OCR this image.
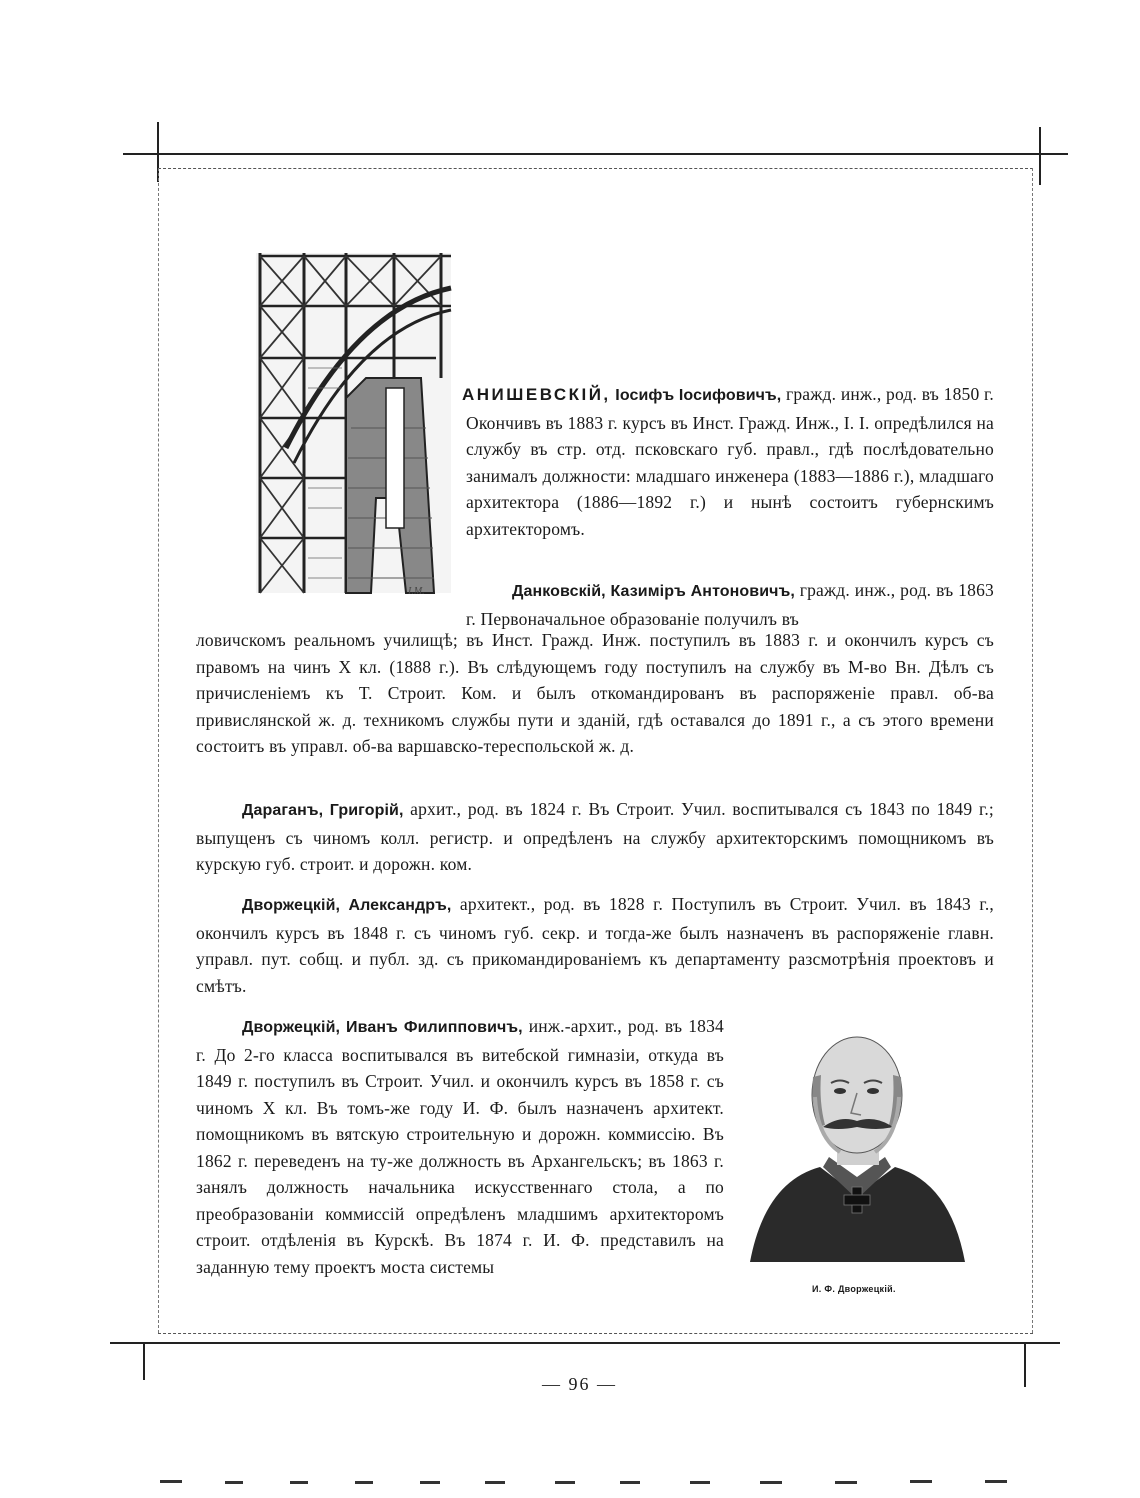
I.M.
АНИШЕВСКІЙ, Іосифъ Іосифовичъ, гражд. инж., род. въ 1850 г. Окончивъ въ 1883 г. курсъ въ Инст. Гражд. Инж., І. І. опредѣлился на службу въ стр. отд. псковскаго губ. правл., гдѣ послѣдовательно занималъ должности: младшаго инженера (1883—1886 г.), младшаго архитектора (1886—1892 г.) и нынѣ состоитъ губернскимъ архитекторомъ.
Данковскій, Казиміръ Антоновичъ, гражд. инж., род. въ 1863 г. Первоначальное образованіе получилъ въ
ловичскомъ реальномъ училищѣ; въ Инст. Гражд. Инж. поступилъ въ 1883 г. и окончилъ курсъ съ правомъ на чинъ Х кл. (1888 г.). Въ слѣдующемъ году поступилъ на службу въ М-во Вн. Дѣлъ съ причисленіемъ къ Т. Строит. Ком. и былъ откомандированъ въ распоряженіе правл. об-ва привислянской ж. д. техникомъ службы пути и зданій, гдѣ оставался до 1891 г., а съ этого времени состоитъ въ управл. об-ва варшавско-тереспольской ж. д.
Дараганъ, Григорій, архит., род. въ 1824 г. Въ Строит. Учил. воспитывался съ 1843 по 1849 г.; выпущенъ съ чиномъ колл. регистр. и опредѣленъ на службу архитекторскимъ помощникомъ въ курскую губ. строит. и дорожн. ком.
Дворжецкій, Александръ, архитект., род. въ 1828 г. Поступилъ въ Строит. Учил. въ 1843 г., окончилъ курсъ въ 1848 г. съ чиномъ губ. секр. и тогда-же былъ назначенъ въ распоряженіе главн. управл. пут. собщ. и публ. зд. съ прикомандированіемъ къ департаменту разсмотрѣнія проектовъ и смѣтъ.
Дворжецкій, Иванъ Филипповичъ, инж.-архит., род. въ 1834 г. До 2-го класса воспитывался въ витебской гимназіи, откуда въ 1849 г. поступилъ въ Строит. Учил. и окончилъ курсъ въ 1858 г. съ чиномъ Х кл. Въ томъ-же году И. Ф. былъ назначенъ архитект. помощникомъ въ вятскую строительную и дорожн. коммиссію. Въ 1862 г. переведенъ на ту-же должность въ Архангельскъ; въ 1863 г. занялъ должность начальника искусственнаго стола, а по преобразованіи коммиссій опредѣленъ младшимъ архитекторомъ строит. отдѣленія въ Курскѣ. Въ 1874 г. И. Ф. представилъ на заданную тему проектъ моста системы
И. Ф. Дворжецкій.
— 96 —
